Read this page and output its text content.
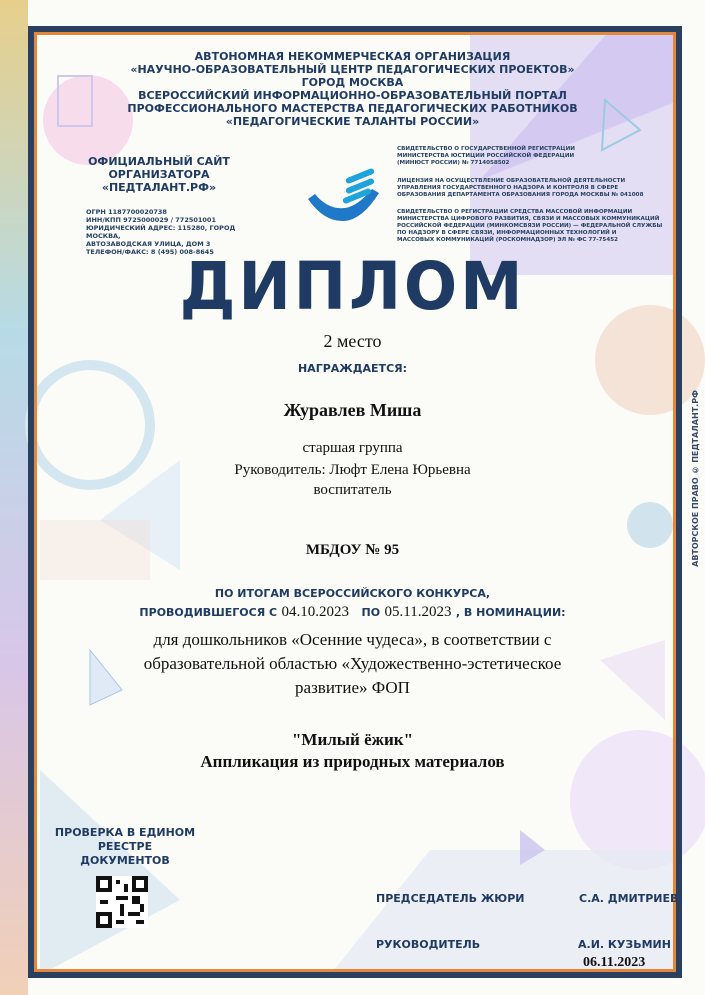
АВТОНОМНАЯ НЕКОММЕРЧЕСКАЯ ОРГАНИЗАЦИЯ
«НАУЧНО-ОБРАЗОВАТЕЛЬНЫЙ ЦЕНТР ПЕДАГОГИЧЕСКИХ ПРОЕКТОВ»
ГОРОД МОСКВА
ВСЕРОССИЙСКИЙ ИНФОРМАЦИОННО-ОБРАЗОВАТЕЛЬНЫЙ ПОРТАЛ
ПРОФЕССИОНАЛЬНОГО МАСТЕРСТВА ПЕДАГОГИЧЕСКИХ РАБОТНИКОВ
«ПЕДАГОГИЧЕСКИЕ ТАЛАНТЫ РОССИИ»
ОФИЦИАЛЬНЫЙ САЙТ
ОРГАНИЗАТОРА
«ПЕДТАЛАНТ.РФ»
ОГРН 1187700020738
ИНН/КПП 9725000029 / 772501001
ЮРИДИЧЕСКИЙ АДРЕС: 115280, ГОРОД МОСКВА,
АВТОЗАВОДСКАЯ УЛИЦА, ДОМ 3
ТЕЛЕФОН/ФАКС: 8 (495) 008-8645
СВИДЕТЕЛЬСТВО О ГОСУДАРСТВЕННОЙ РЕГИСТРАЦИИ
МИНИСТЕРСТВА ЮСТИЦИИ РОССИЙСКОЙ ФЕДЕРАЦИИ
(МИНЮСТ РОССИИ) № 7714058502
ЛИЦЕНЗИЯ НА ОСУЩЕСТВЛЕНИЕ ОБРАЗОВАТЕЛЬНОЙ ДЕЯТЕЛЬНОСТИ
УПРАВЛЕНИЯ ГОСУДАРСТВЕННОГО НАДЗОРА И КОНТРОЛЯ В СФЕРЕ
ОБРАЗОВАНИЯ ДЕПАРТАМЕНТА ОБРАЗОВАНИЯ ГОРОДА МОСКВЫ № 041008
СВИДЕТЕЛЬСТВО О РЕГИСТРАЦИИ СРЕДСТВА МАССОВОЙ ИНФОРМАЦИИ
МИНИСТЕРСТВА ЦИФРОВОГО РАЗВИТИЯ, СВЯЗИ И МАССОВЫХ КОММУНИКАЦИЙ
РОССИЙСКОЙ ФЕДЕРАЦИИ (МИНКОМСВЯЗИ РОССИИ) — ФЕДЕРАЛЬНОЙ СЛУЖБЫ
ПО НАДЗОРУ В СФЕРЕ СВЯЗИ, ИНФОРМАЦИОННЫХ ТЕХНОЛОГИЙ И
МАССОВЫХ КОММУНИКАЦИЙ (РОСКОМНАДЗОР) ЭЛ № ФС 77-75452
ДИПЛОМ
2 место
НАГРАЖДАЕТСЯ:
Журавлев Миша
старшая группа
Руководитель: Люфт Елена Юрьевна
воспитатель
МБДОУ № 95
ПО ИТОГАМ ВСЕРОССИЙСКОГО КОНКУРСА,
ПРОВОДИВШЕГОСЯ С 04.10.2023 ПО 05.11.2023 , В НОМИНАЦИИ:
для дошкольников «Осенние чудеса», в соответствии с
образовательной областью «Художественно-эстетическое
развитие» ФОП
"Милый ёжик"
Аппликация из природных материалов
ПРОВЕРКА В ЕДИНОМ
РЕЕСТРЕ ДОКУМЕНТОВ
ПРЕДСЕДАТЕЛЬ ЖЮРИ	С.А. ДМИТРИЕВ
РУКОВОДИТЕЛЬ	А.И. КУЗЬМИН
06.11.2023
АВТОРСКОЕ ПРАВО © ПЕДТАЛАНТ.РФ
